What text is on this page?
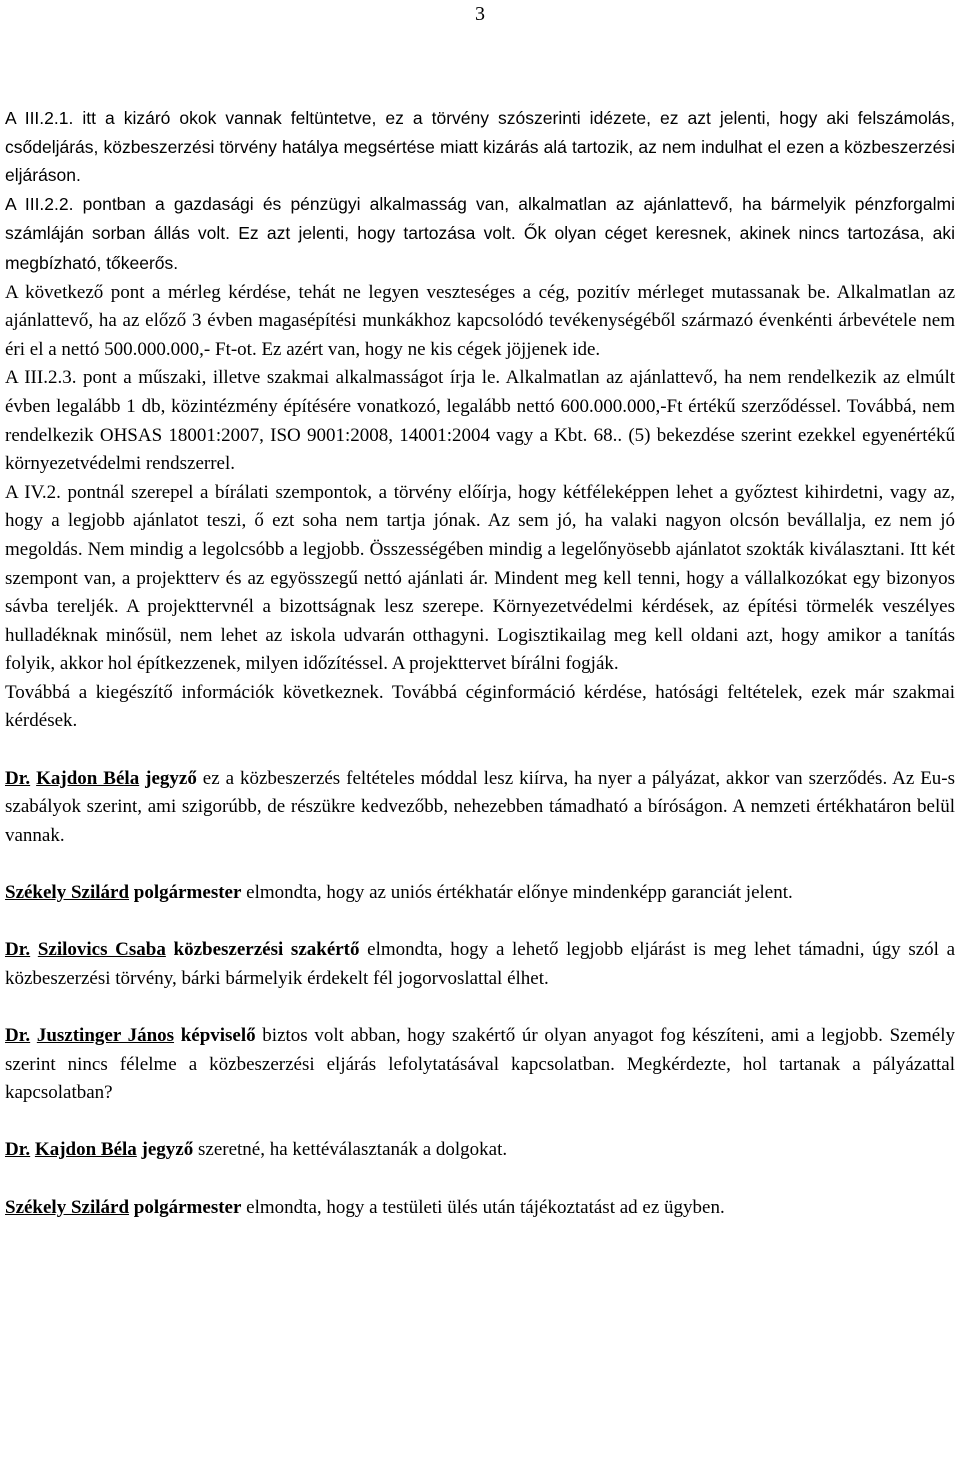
3

A III.2.1. itt a kizáró okok vannak feltüntetve, ez a törvény szószerinti idézete, ez azt jelenti, hogy aki felszámolás, csődeljárás, közbeszerzési törvény hatálya megsértése miatt kizárás alá tartozik, az nem indulhat el ezen a közbeszerzési eljáráson.

A III.2.2. pontban a gazdasági és pénzügyi alkalmasság van, alkalmatlan az ajánlattevő, ha bármelyik pénzforgalmi számláján sorban állás volt. Ez azt jelenti, hogy tartozása volt. Ők olyan céget keresnek, akinek nincs tartozása, aki megbízható, tőkeerős.

A következő pont a mérleg kérdése, tehát ne legyen veszteséges a cég, pozitív mérleget mutassanak be. Alkalmatlan az ajánlattevő, ha az előző 3 évben magasépítési munkákhoz kapcsolódó tevékenységéből származó évenkénti árbevétele nem éri el a nettó 500.000.000,- Ft-ot. Ez azért van, hogy ne kis cégek jöjjenek ide.

A III.2.3. pont a műszaki, illetve szakmai alkalmasságot írja le. Alkalmatlan az ajánlattevő, ha nem rendelkezik az elmúlt évben legalább 1 db, közintézmény építésére vonatkozó, legalább nettó 600.000.000,-Ft értékű szerződéssel. Továbbá, nem rendelkezik OHSAS 18001:2007, ISO 9001:2008, 14001:2004 vagy a Kbt. 68.. (5) bekezdése szerint ezekkel egyenértékű környezetvédelmi rendszerrel.

A IV.2. pontnál szerepel a bírálati szempontok, a törvény előírja, hogy kétféleképpen lehet a győztest kihirdetni, vagy az, hogy a legjobb ajánlatot teszi, ő ezt soha nem tartja jónak. Az sem jó, ha valaki nagyon olcsón bevállalja, ez nem jó megoldás. Nem mindig a legolcsóbb a legjobb. Összességében mindig a legelőnyösebb ajánlatot szokták kiválasztani. Itt két szempont van, a projektterv és az egyösszegű nettó ajánlati ár. Mindent meg kell tenni, hogy a vállalkozókat egy bizonyos sávba tereljék. A projekttervnél a bizottságnak lesz szerepe. Környezetvédelmi kérdések, az építési törmelék veszélyes hulladéknak minősül, nem lehet az iskola udvarán otthagyni. Logisztikailag meg kell oldani azt, hogy amikor a tanítás folyik, akkor hol építkezzenek, milyen időzítéssel. A projekttervet bírálni fogják.

Továbbá a kiegészítő információk következnek. Továbbá céginformáció kérdése, hatósági feltételek, ezek már szakmai kérdések.

Dr. Kajdon Béla jegyző ez a közbeszerzés feltételes móddal lesz kiírva, ha nyer a pályázat, akkor van szerződés. Az Eu-s szabályok szerint, ami szigorúbb, de részükre kedvezőbb, nehezebben támadható a bíróságon. A nemzeti értékhatáron belül vannak.

Székely Szilárd polgármester elmondta, hogy az uniós értékhatár előnye mindenképp garanciát jelent.

Dr. Szilovics Csaba közbeszerzési szakértő elmondta, hogy a lehető legjobb eljárást is meg lehet támadni, úgy szól a közbeszerzési törvény, bárki bármelyik érdekelt fél jogorvoslattal élhet.

Dr. Jusztinger János képviselő biztos volt abban, hogy szakértő úr olyan anyagot fog készíteni, ami a legjobb. Személy szerint nincs félelme a közbeszerzési eljárás lefolytatásával kapcsolatban. Megkérdezte, hol tartanak a pályázattal kapcsolatban?

Dr. Kajdon Béla jegyző szeretné, ha kettéválasztanák a dolgokat.

Székely Szilárd polgármester elmondta, hogy a testületi ülés után tájékoztatást ad ez ügyben.
